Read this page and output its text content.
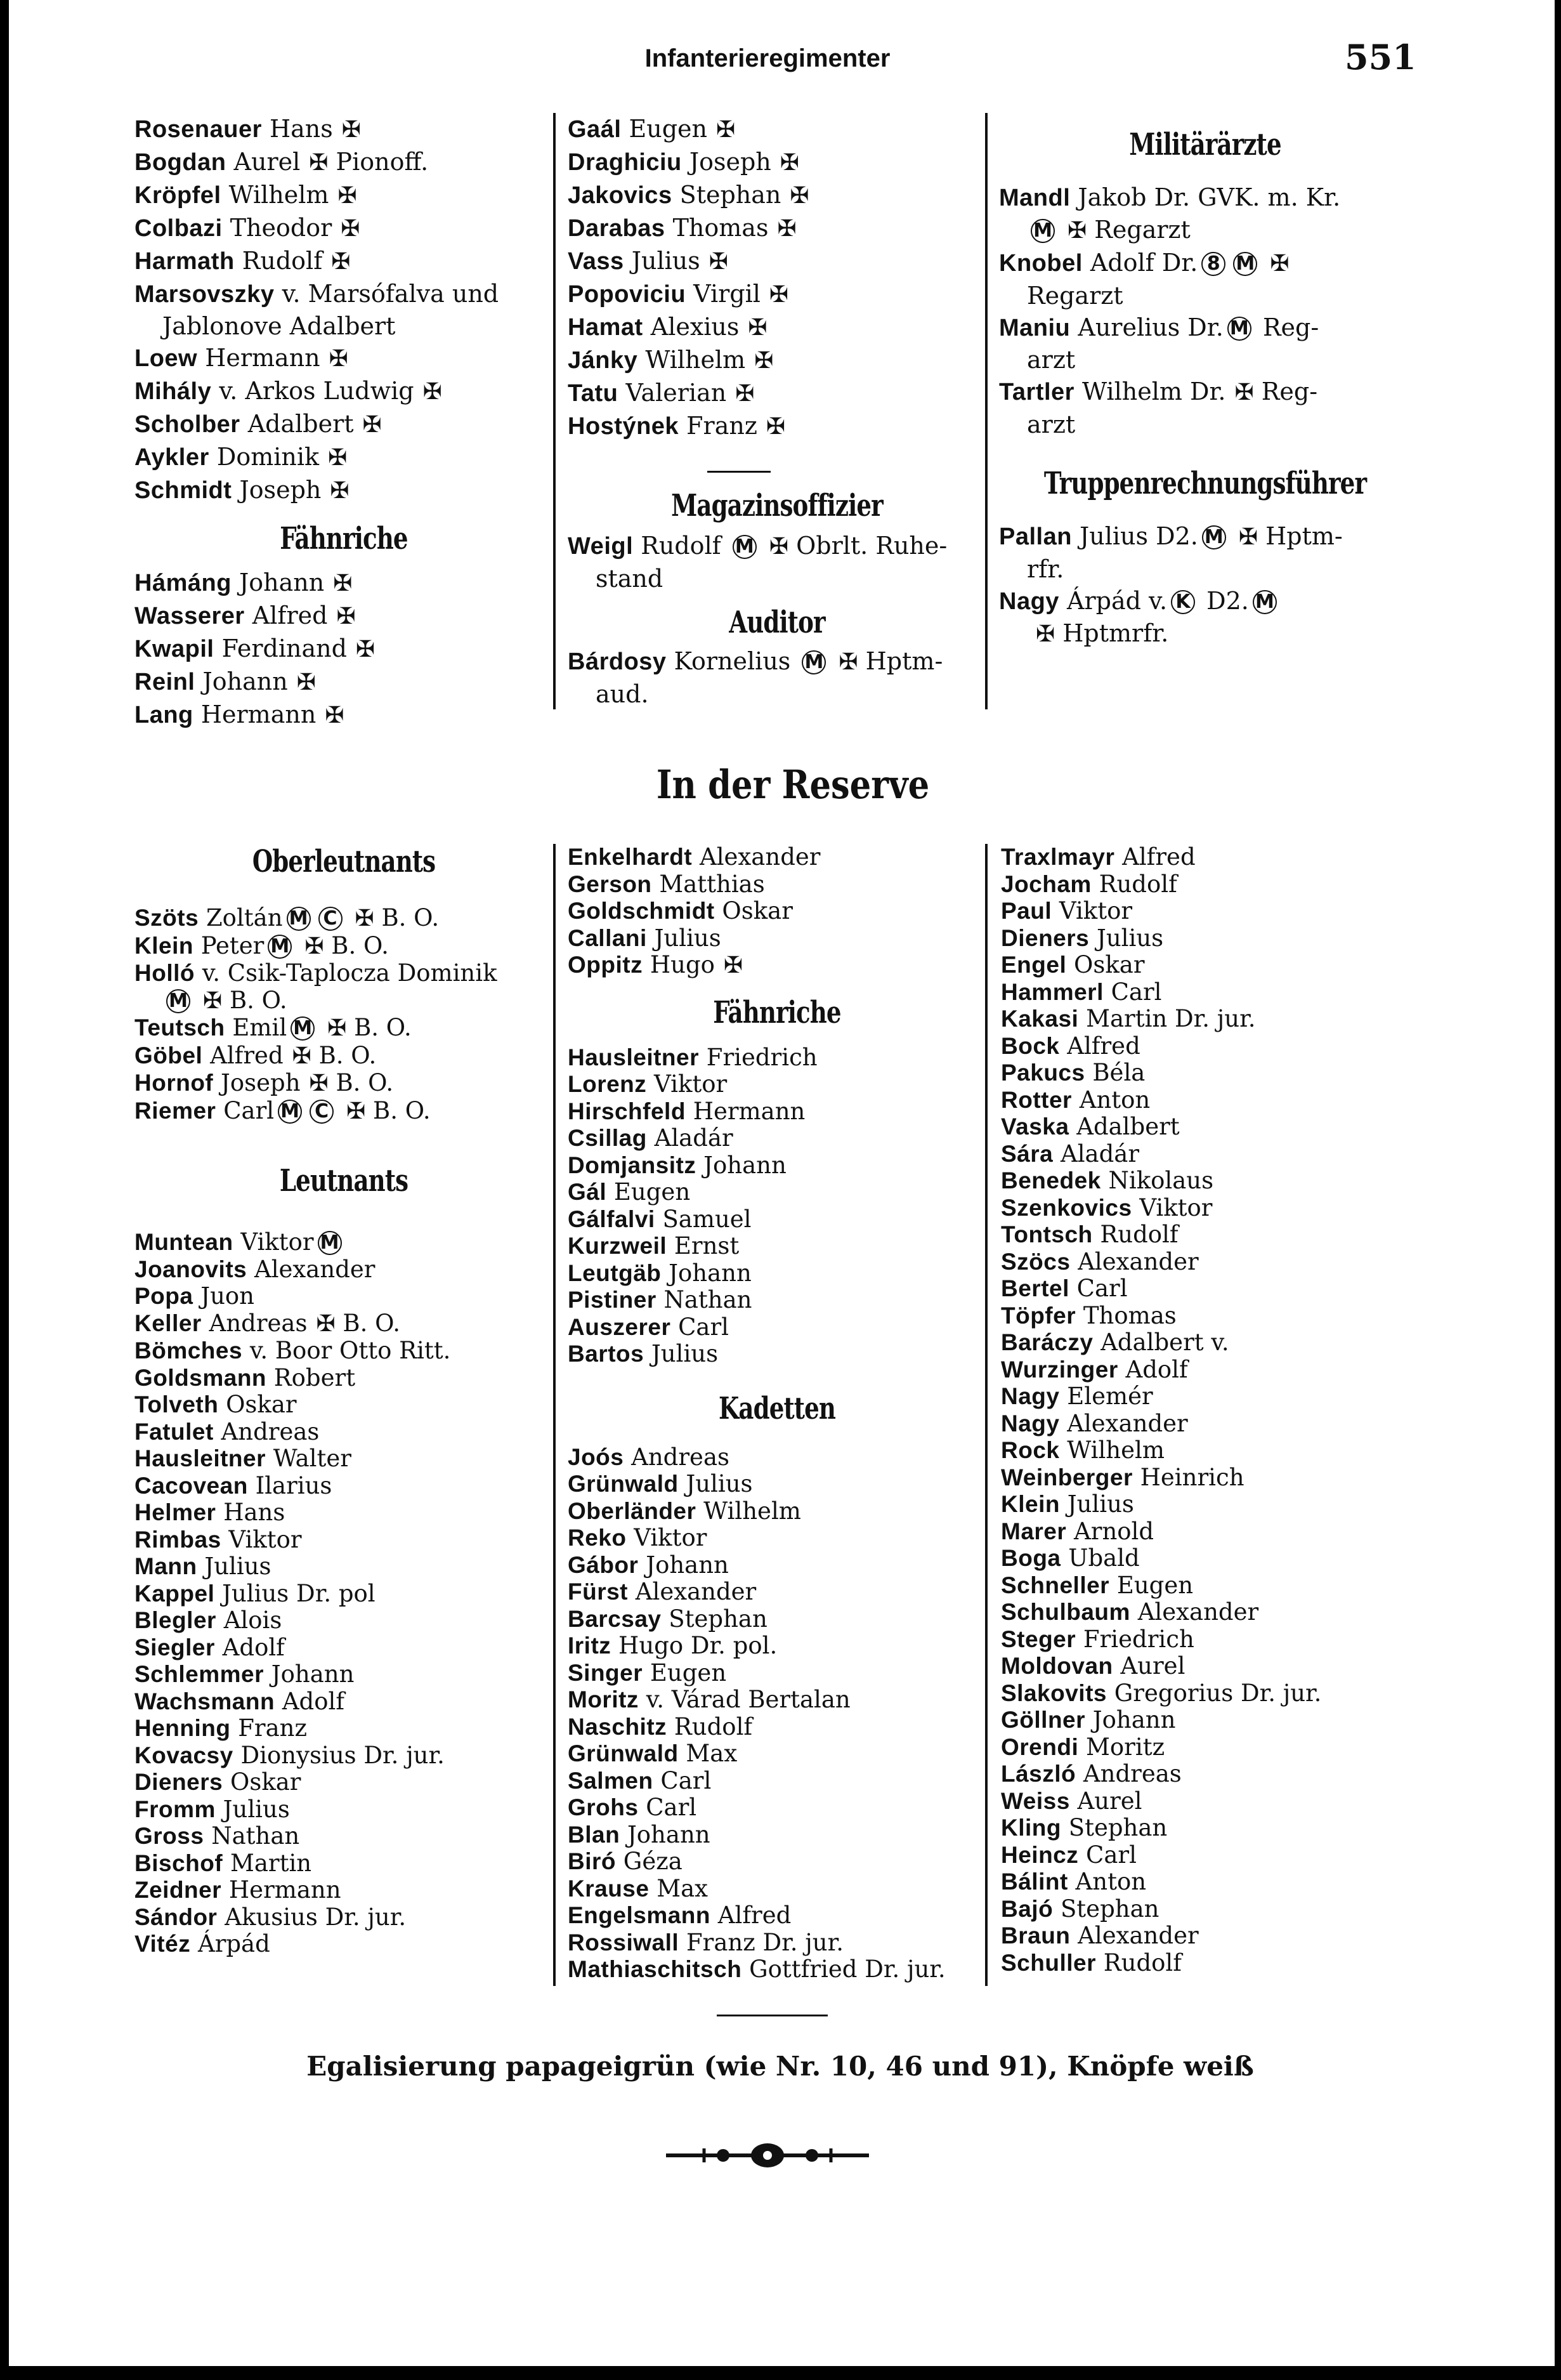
Infanterieregimenter	551
Rosenauer Hans ✠
Bogdan Aurel ✠ Pionoff.
Kröpfel Wilhelm ✠
Colbazi Theodor ✠
Harmath Rudolf ✠
Marsovszky v. Marsófalva und
Jablonove Adalbert
Loew Hermann ✠
Mihály v. Arkos Ludwig ✠
Scholber Adalbert ✠
Aykler Dominik ✠
Schmidt Joseph ✠
Fähnriche
Hámáng Johann ✠
Wasserer Alfred ✠
Kwapil Ferdinand ✠
Reinl Johann ✠
Lang Hermann ✠
Gaál Eugen ✠
Draghiciu Joseph ✠
Jakovics Stephan ✠
Darabas Thomas ✠
Vass Julius ✠
Popoviciu Virgil ✠
Hamat Alexius ✠
Jánky Wilhelm ✠
Tatu Valerian ✠
Hostýnek Franz ✠
Magazinsoffizier
Weigl Rudolf M ✠ Obrlt. Ruhe-
stand
Auditor
Bárdosy Kornelius M ✠ Hptm-
aud.
Militärärzte
Mandl Jakob Dr. GVK. m. Kr.
M ✠ Regarzt
Knobel Adolf Dr. 8 M ✠
Regarzt
Maniu Aurelius Dr. M Reg-
arzt
Tartler Wilhelm Dr. ✠ Reg-
arzt
Truppenrechnungsführer
Pallan Julius D2. M ✠ Hptm-
rfr.
Nagy Árpád v. K D2. M
✠ Hptmrfr.
In der Reserve
Oberleutnants
Szöts Zoltán M C ✠ B. O.
Klein Peter M ✠ B. O.
Holló v. Csik-Taplocza Dominik
M ✠ B. O.
Teutsch Emil M ✠ B. O.
Göbel Alfred ✠ B. O.
Hornof Joseph ✠ B. O.
Riemer Carl M C ✠ B. O.
Leutnants
Muntean Viktor M
Joanovits Alexander
Popa Juon
Keller Andreas ✠ B. O.
Bömches v. Boor Otto Ritt.
Goldsmann Robert
Tolveth Oskar
Fatulet Andreas
Hausleitner Walter
Cacovean Ilarius
Helmer Hans
Rimbas Viktor
Mann Julius
Kappel Julius Dr. pol
Blegler Alois
Siegler Adolf
Schlemmer Johann
Wachsmann Adolf
Henning Franz
Kovacsy Dionysius Dr. jur.
Dieners Oskar
Fromm Julius
Gross Nathan
Bischof Martin
Zeidner Hermann
Sándor Akusius Dr. jur.
Vitéz Árpád
Enkelhardt Alexander
Gerson Matthias
Goldschmidt Oskar
Callani Julius
Oppitz Hugo ✠
Fähnriche
Hausleitner Friedrich
Lorenz Viktor
Hirschfeld Hermann
Csillag Aladár
Domjansitz Johann
Gál Eugen
Gálfalvi Samuel
Kurzweil Ernst
Leutgäb Johann
Pistiner Nathan
Auszerer Carl
Bartos Julius
Kadetten
Joós Andreas
Grünwald Julius
Oberländer Wilhelm
Reko Viktor
Gábor Johann
Fürst Alexander
Barcsay Stephan
Iritz Hugo Dr. pol.
Singer Eugen
Moritz v. Várad Bertalan
Naschitz Rudolf
Grünwald Max
Salmen Carl
Grohs Carl
Blan Johann
Biró Géza
Krause Max
Engelsmann Alfred
Rossiwall Franz Dr. jur.
Mathiaschitsch Gottfried Dr. jur.
Traxlmayr Alfred
Jocham Rudolf
Paul Viktor
Dieners Julius
Engel Oskar
Hammerl Carl
Kakasi Martin Dr. jur.
Bock Alfred
Pakucs Béla
Rotter Anton
Vaska Adalbert
Sára Aladár
Benedek Nikolaus
Szenkovics Viktor
Tontsch Rudolf
Szöcs Alexander
Bertel Carl
Töpfer Thomas
Baráczy Adalbert v.
Wurzinger Adolf
Nagy Elemér
Nagy Alexander
Rock Wilhelm
Weinberger Heinrich
Klein Julius
Marer Arnold
Boga Ubald
Schneller Eugen
Schulbaum Alexander
Steger Friedrich
Moldovan Aurel
Slakovits Gregorius Dr. jur.
Göllner Johann
Orendi Moritz
László Andreas
Weiss Aurel
Kling Stephan
Heincz Carl
Bálint Anton
Bajó Stephan
Braun Alexander
Schuller Rudolf
Egalisierung papageigrün (wie Nr. 10, 46 und 91), Knöpfe weiß
